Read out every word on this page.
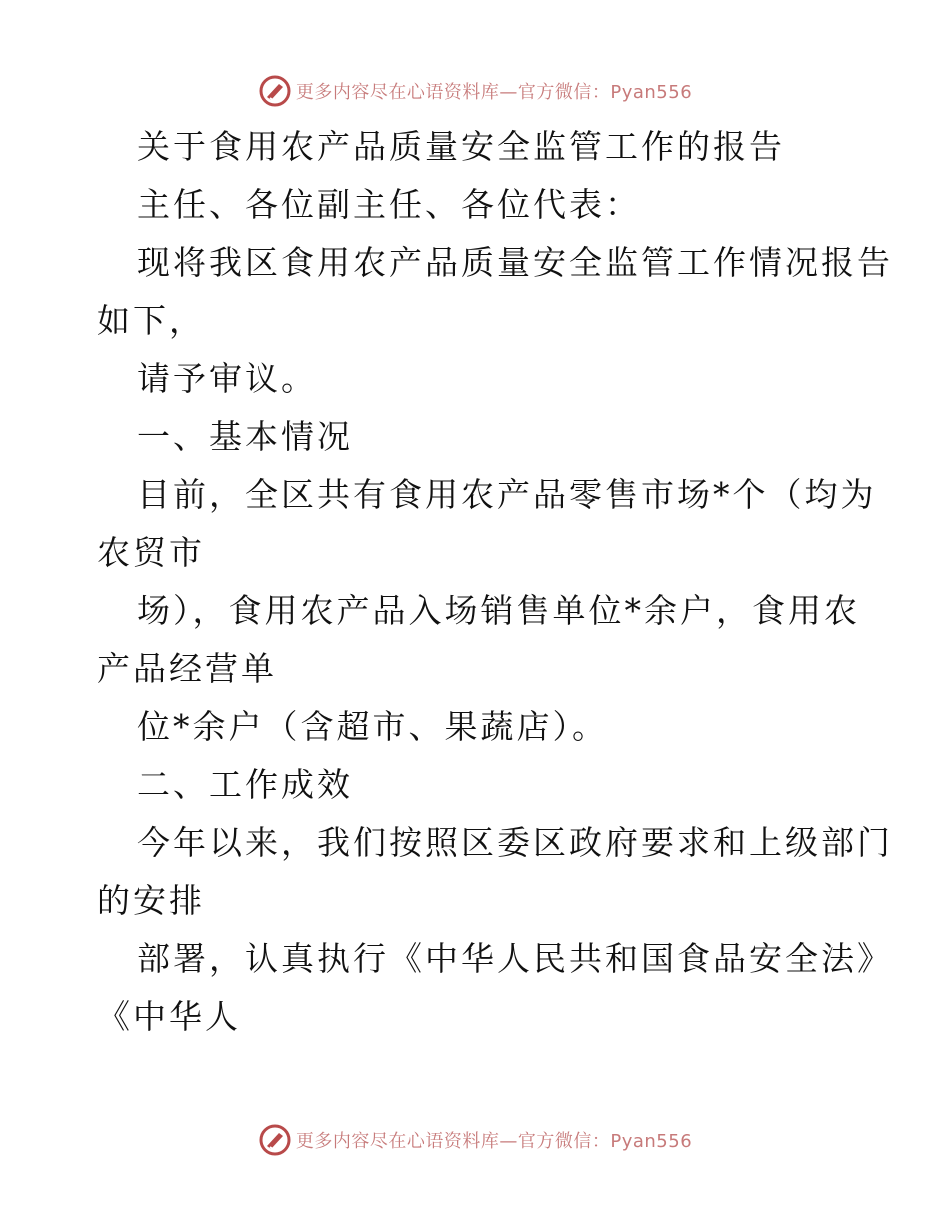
更多内容尽在心语资料库—官方微信：Pyan556
关于食用农产品质量安全监管工作的报告
主任、各位副主任、各位代表：
现将我区食用农产品质量安全监管工作情况报告
如下，
请予审议。
一、基本情况
目前，全区共有食用农产品零售市场*个（均为
农贸市
场），食用农产品入场销售单位*余户，食用农
产品经营单
位*余户（含超市、果蔬店）。
二、工作成效
今年以来，我们按照区委区政府要求和上级部门
的安排
部署，认真执行《中华人民共和国食品安全法》
《中华人
更多内容尽在心语资料库—官方微信：Pyan556
